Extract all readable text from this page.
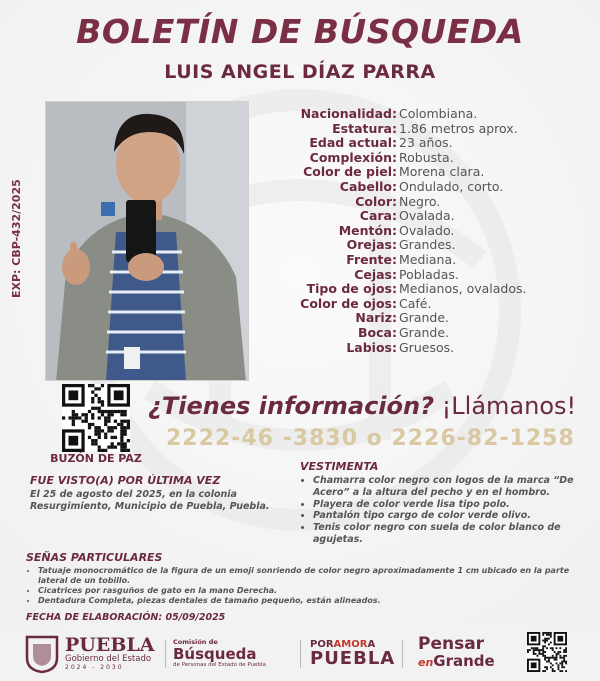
BOLETÍN DE BÚSQUEDA
LUIS ANGEL DÍAZ PARRA
EXP: CBP-432/2025
Nacionalidad: Colombiana.
Estatura: 1.86 metros aprox.
Edad actual: 23 años.
Complexión: Robusta.
Color de piel: Morena clara.
Cabello: Ondulado, corto.
Color: Negro.
Cara: Ovalada.
Mentón: Ovalado.
Orejas: Grandes.
Frente: Mediana.
Cejas: Pobladas.
Tipo de ojos: Medianos, ovalados.
Color de ojos: Café.
Nariz: Grande.
Boca: Grande.
Labios: Gruesos.
BUZÓN DE PAZ
¿Tienes información? ¡Llámanos!
2222-46 -3830 o 2226-82-1258
FUE VISTO(A) POR ÚLTIMA VEZ
El 25 de agosto del 2025, en la colonia Resurgimiento, Municipio de Puebla, Puebla.
VESTIMENTA
• Chamarra color negro con logos de la marca “De Acero” a la altura del pecho y en el hombro.
• Playera de color verde lisa tipo polo.
• Pantalón tipo cargo de color verde olivo.
• Tenis color negro con suela de color blanco de agujetas.
SEÑAS PARTICULARES
• Tatuaje monocromático de la figura de un emoji sonriendo de color negro aproximadamente 1 cm ubicado en la parte lateral de un tobillo.
• Cicatrices por rasguños de gato en la mano Derecha.
• Dentadura Completa, piezas dentales de tamaño pequeño, están alineados.
FECHA DE ELABORACIÓN: 05/09/2025
PUEBLA
Gobierno del Estado
2024 - 2030
Comisión de
Búsqueda
de Personas del Estado de Puebla
PORAMORA
PUEBLA
Pensar
enGrande
